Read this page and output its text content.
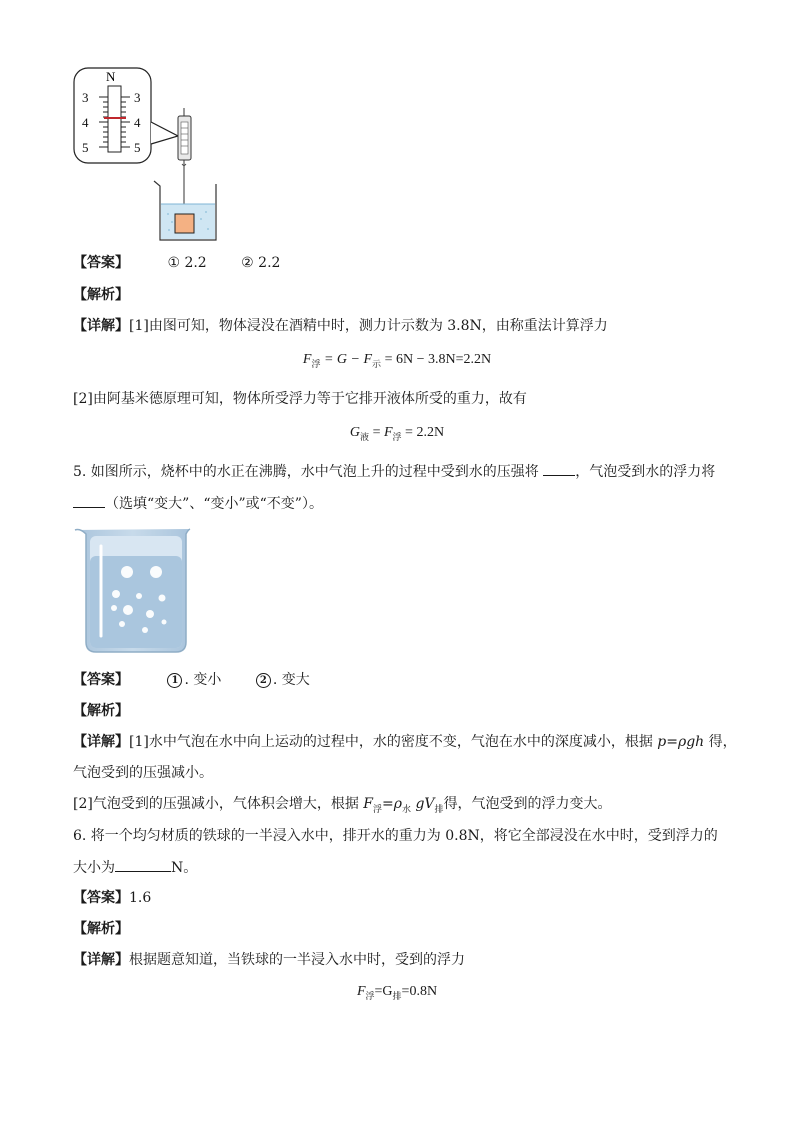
N
3
4
5
3
4
5
【答案】	① 2.2 ② 2.2
【解析】
【详解】[1]由图可知，物体浸没在酒精中时，测力计示数为 3.8N，由称重法计算浮力
$F_浮 = G - F_示 = 6N - 3.8N=2.2N$
[2]由阿基米德原理可知，物体所受浮力等于它排开液体所受的重力，故有
$G_液 = F_浮 = 2.2N$
5. 如图所示，烧杯中的水正在沸腾，水中气泡上升的过程中受到水的压强将	，气泡受到水的浮力将
（选填“变大”、“变小”或“不变”）。
【答案】	1 . 变小	2 . 变大
【解析】
【详解】[1]水中气泡在水中向上运动的过程中，水的密度不变，气泡在水中的深度减小，根据 p=ρgh 得，
气泡受到的压强减小。
[2]气泡受到的压强减小，气体积会增大，根据 $F_浮=\rho_水$ $gV_排$得，气泡受到的浮力变大。
6. 将一个均匀材质的铁球的一半浸入水中，排开水的重力为 0.8N，将它全部浸没在水中时，受到浮力的
大小为	N。
【答案】1.6
【解析】
【详解】根据题意知道，当铁球的一半浸入水中时，受到的浮力
$F_浮=G_排=0.8N$
